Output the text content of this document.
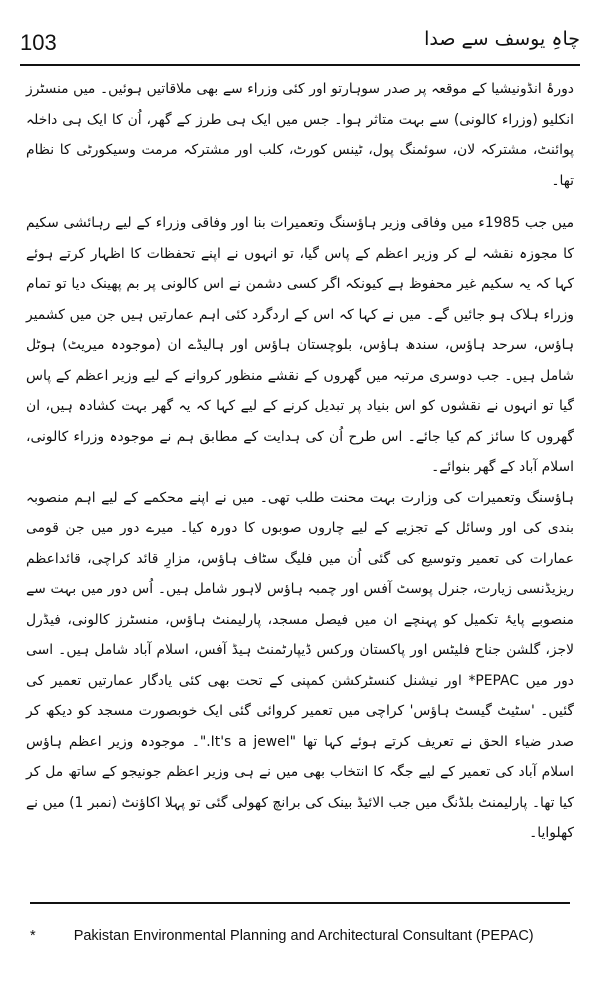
103	چاہِ یوسف سے صدا

دورۂ انڈونیشیا کے موقعہ پر صدر سوہارتو اور کئی وزراء سے بھی ملاقاتیں ہوئیں۔ میں منسٹرز انکلیو (وزراء کالونی) سے بہت متاثر ہوا۔ جس میں ایک ہی طرز کے گھر، اُن کا ایک ہی داخلہ پوائنٹ، مشترکہ لان، سوئمنگ پول، ٹینس کورٹ، کلب اور مشترکہ مرمت وسیکورٹی کا نظام تھا۔

میں جب 1985ء میں وفاقی وزیر ہاؤسنگ وتعمیرات بنا اور وفاقی وزراء کے لیے رہائشی سکیم کا مجوزہ نقشہ لے کر وزیر اعظم کے پاس گیا، تو انہوں نے اپنے تحفظات کا اظہار کرتے ہوئے کہا کہ یہ سکیم غیر محفوظ ہے کیونکہ اگر کسی دشمن نے اس کالونی پر بم پھینک دیا تو تمام وزراء ہلاک ہو جائیں گے۔ میں نے کہا کہ اس کے اردگرد کئی اہم عمارتیں ہیں جن میں کشمیر ہاؤس، سرحد ہاؤس، سندھ ہاؤس، بلوچستان ہاؤس اور ہالیڈے ان (موجودہ میریٹ) ہوٹل شامل ہیں۔ جب دوسری مرتبہ میں گھروں کے نقشے منظور کروانے کے لیے وزیر اعظم کے پاس گیا تو انہوں نے نقشوں کو اس بنیاد پر تبدیل کرنے کے لیے کہا کہ یہ گھر بہت کشادہ ہیں، ان گھروں کا سائز کم کیا جائے۔ اس طرح اُن کی ہدایت کے مطابق ہم نے موجودہ وزراء کالونی، اسلام آباد کے گھر بنوائے۔

ہاؤسنگ وتعمیرات کی وزارت بہت محنت طلب تھی۔ میں نے اپنے محکمے کے لیے اہم منصوبہ بندی کی اور وسائل کے تجزیے کے لیے چاروں صوبوں کا دورہ کیا۔ میرے دور میں جن قومی عمارات کی تعمیر وتوسیع کی گئی اُن میں فلیگ سٹاف ہاؤس، مزارِ قائد کراچی، قائداعظم ریزیڈنسی زیارت، جنرل پوسٹ آفس اور چمبہ ہاؤس لاہور شامل ہیں۔ اُس دور میں بہت سے منصوبے پایۂ تکمیل کو پہنچے ان میں فیصل مسجد، پارلیمنٹ ہاؤس، منسٹرز کالونی، فیڈرل لاجز، گلشن جناح فلیٹس اور پاکستان ورکس ڈیپارٹمنٹ ہیڈ آفس، اسلام آباد شامل ہیں۔ اسی دور میں PEPAC* اور نیشنل کنسٹرکشن کمپنی کے تحت بھی کئی یادگار عمارتیں تعمیر کی گئیں۔ 'سٹیٹ گیسٹ ہاؤس' کراچی میں تعمیر کروائی گئی ایک خوبصورت مسجد کو دیکھ کر صدر ضیاء الحق نے تعریف کرتے ہوئے کہا تھا "It's a jewel."۔ موجودہ وزیر اعظم ہاؤس اسلام آباد کی تعمیر کے لیے جگہ کا انتخاب بھی میں نے ہی وزیر اعظم جونیجو کے ساتھ مل کر کیا تھا۔ پارلیمنٹ بلڈنگ میں جب الائیڈ بینک کی برانچ کھولی گئی تو پہلا اکاؤنٹ (نمبر 1) میں نے کھلوایا۔

*	Pakistan Environmental Planning and Architectural Consultant (PEPAC)
